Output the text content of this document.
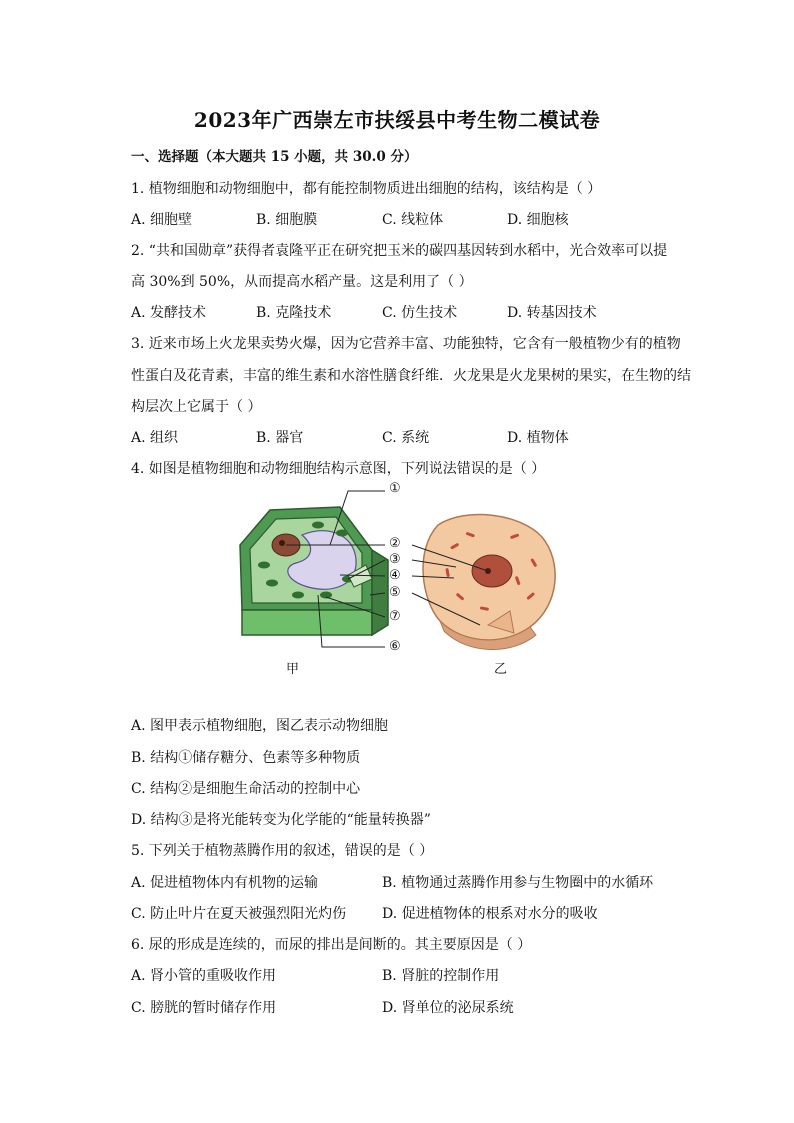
2023年广西崇左市扶绥县中考生物二模试卷
一、选择题（本大题共 15 小题，共 30.0 分）
1. 植物细胞和动物细胞中，都有能控制物质进出细胞的结构，该结构是（ ）
A. 细胞壁	B. 细胞膜	C. 线粒体	D. 细胞核
2. “共和国勋章”获得者袁隆平正在研究把玉米的碳四基因转到水稻中，光合效率可以提
高 30%到 50%，从而提高水稻产量。这是利用了（ ）
A. 发酵技术	B. 克隆技术	C. 仿生技术	D. 转基因技术
3. 近来市场上火龙果卖势火爆，因为它营养丰富、功能独特，它含有一般植物少有的植物
性蛋白及花青素，丰富的维生素和水溶性膳食纤维．火龙果是火龙果树的果实，在生物的结
构层次上它属于（ ）
A. 组织	B. 器官	C. 系统	D. 植物体
4. 如图是植物细胞和动物细胞结构示意图，下列说法错误的是（ ）
①
②
③
④
⑤
⑦
⑥
甲	乙
A. 图甲表示植物细胞，图乙表示动物细胞
B. 结构①储存糖分、色素等多种物质
C. 结构②是细胞生命活动的控制中心
D. 结构③是将光能转变为化学能的“能量转换器”
5. 下列关于植物蒸腾作用的叙述，错误的是（ ）
A. 促进植物体内有机物的运输	B. 植物通过蒸腾作用参与生物圈中的水循环
C. 防止叶片在夏天被强烈阳光灼伤	D. 促进植物体的根系对水分的吸收
6. 尿的形成是连续的，而尿的排出是间断的。其主要原因是（ ）
A. 肾小管的重吸收作用	B. 肾脏的控制作用
C. 膀胱的暂时储存作用	D. 肾单位的泌尿系统
